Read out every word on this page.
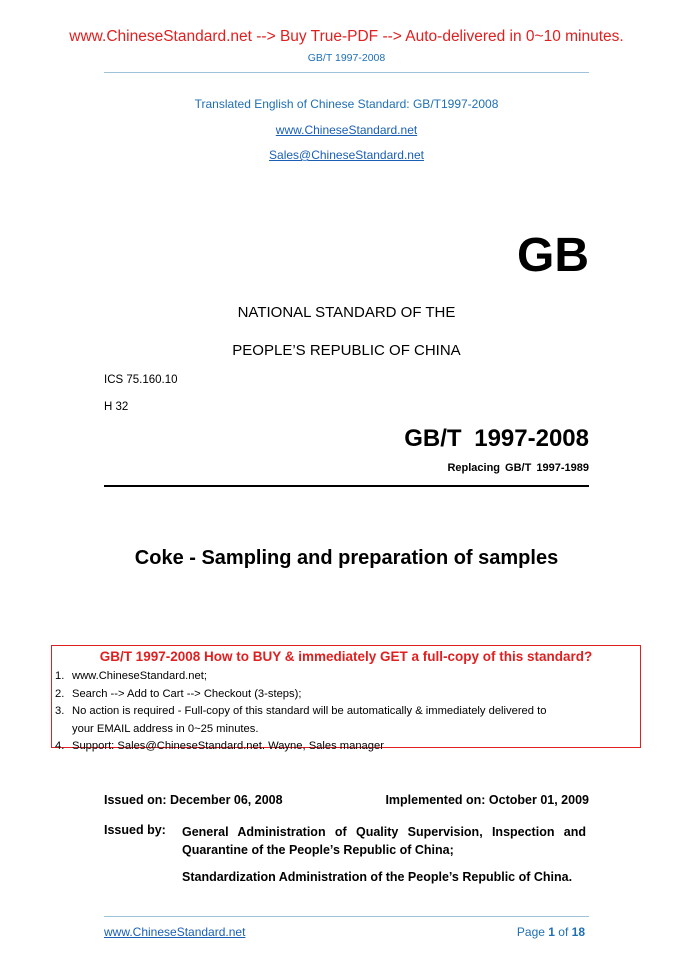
www.ChineseStandard.net --> Buy True-PDF --> Auto-delivered in 0~10 minutes.
GB/T 1997-2008
Translated English of Chinese Standard: GB/T1997-2008
www.ChineseStandard.net
Sales@ChineseStandard.net
GB
NATIONAL STANDARD OF THE
PEOPLE’S REPUBLIC OF CHINA
ICS 75.160.10
H 32
GB/T 1997-2008
Replacing GB/T 1997-1989
Coke - Sampling and preparation of samples
GB/T 1997-2008 How to BUY & immediately GET a full-copy of this standard?
1. www.ChineseStandard.net;
2. Search --> Add to Cart --> Checkout (3-steps);
3. No action is required - Full-copy of this standard will be automatically & immediately delivered to
your EMAIL address in 0~25 minutes.
4. Support: Sales@ChineseStandard.net. Wayne, Sales manager
Issued on: December 06, 2008	Implemented on: October 01, 2009
Issued by: General Administration of Quality Supervision, Inspection and Quarantine of the People’s Republic of China;
Standardization Administration of the People’s Republic of China.
www.ChineseStandard.net	Page 1 of 18
